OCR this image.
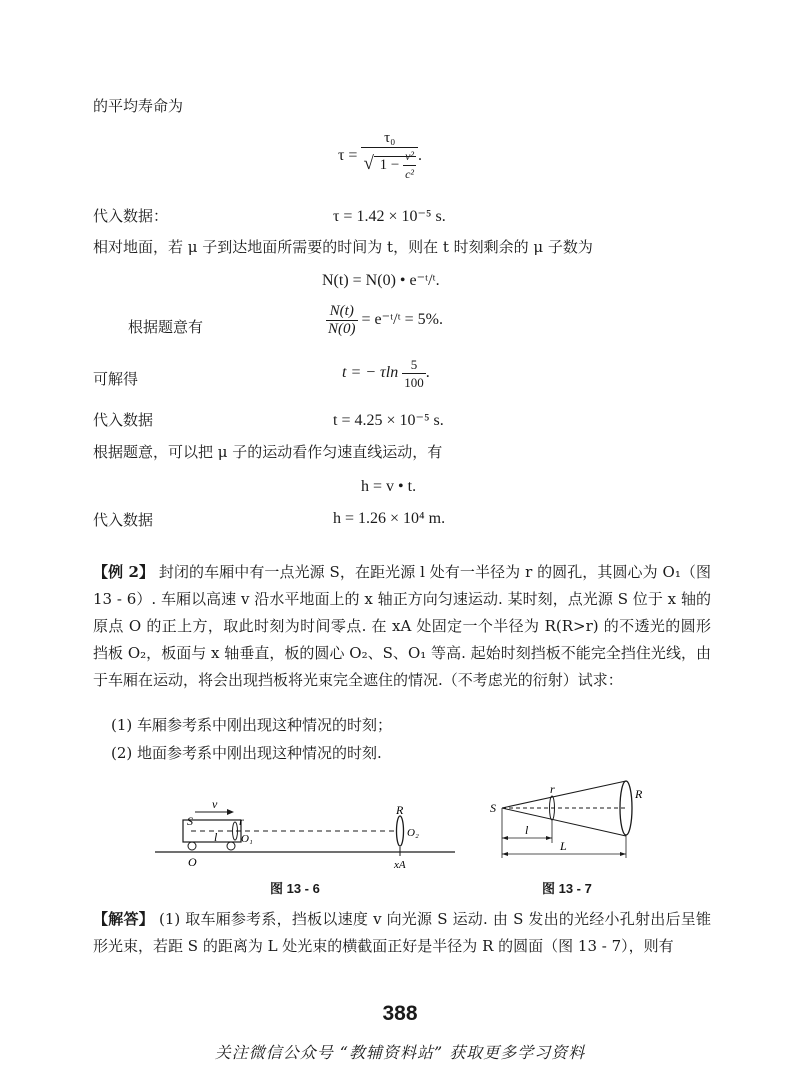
的平均寿命为
$\tau = \frac{\text{τ₀}}{√ 1 - \frac{\text{v²}}{\text{c²}}}$ .
代入数据：	τ = 1.42 × 10⁻⁵ s.
相对地面，若 μ 子到达地面所需要的时间为 t，则在 t 时刻剩余的 μ 子数为
N(t) = N(0) • e⁻ᵗ/ᵗ.
根据题意有	$\frac{N(t)}{N(0)}$ = e⁻ᵗ/ᵗ = 5%.
可解得	t = − τln $\frac{5}{100}$ .
代入数据	t = 4.25 × 10⁻⁵ s.
根据题意，可以把 μ 子的运动看作匀速直线运动，有
h = v • t.
代入数据	h = 1.26 × 10⁴ m.
【例 2】 封闭的车厢中有一点光源 S，在距光源 l 处有一半径为 r 的圆孔，其圆心为 O₁（图 13 - 6）. 车厢以高速 v 沿水平地面上的 x 轴正方向匀速运动. 某时刻，点光源 S 位于 x 轴的原点 O 的正上方，取此时刻为时间零点. 在 xA 处固定一个半径为 R(R>r) 的不透光的圆形挡板 O₂，板面与 x 轴垂直，板的圆心 O₂、S、O₁ 等高. 起始时刻挡板不能完全挡住光线，由于车厢在运动，将会出现挡板将光束完全遮住的情况.（不考虑光的衍射）试求：
(1) 车厢参考系中刚出现这种情况的时刻；
(2) 地面参考系中刚出现这种情况的时刻.
v
S	r
l O₁
O
R
O₂
xA
图 13 - 6
S
r	R
l
L
图 13 - 7
【解答】 (1) 取车厢参考系，挡板以速度 v 向光源 S 运动. 由 S 发出的光经小孔射出后呈锥形光束，若距 S 的距离为 L 处光束的横截面正好是半径为 R 的圆面（图 13 - 7），则有
388
关注微信公众号 “教辅资料站” 获取更多学习资料
